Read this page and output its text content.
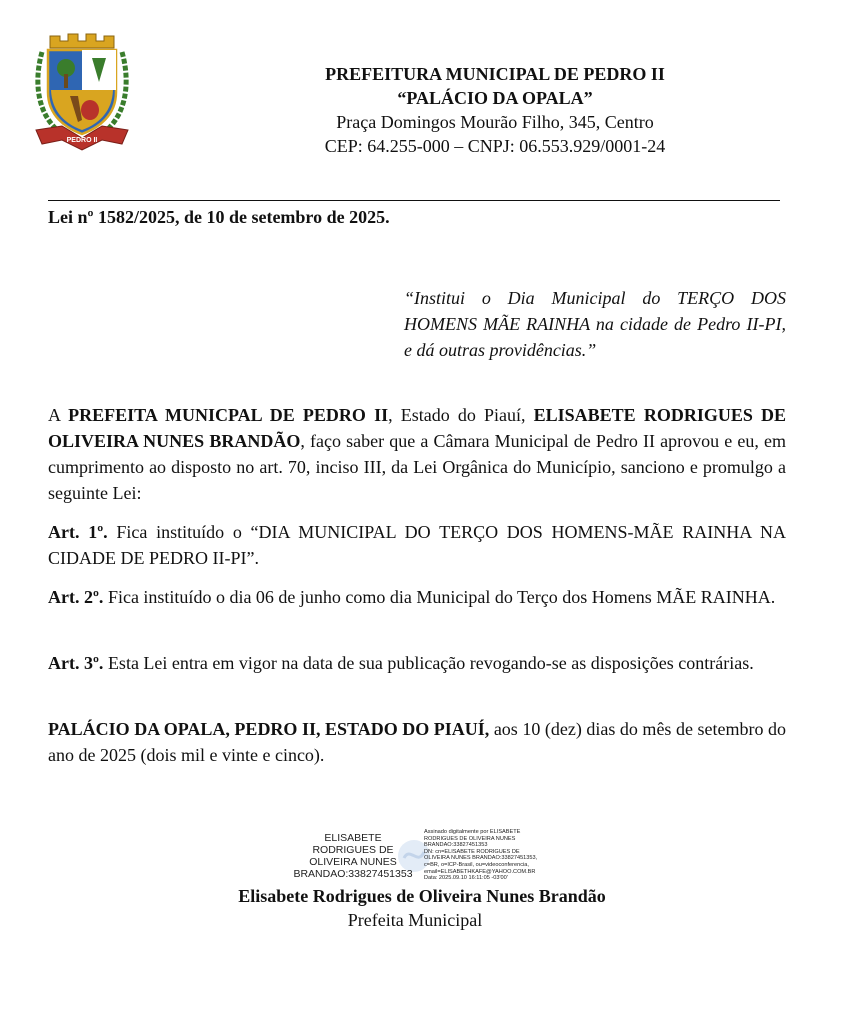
PEDRO II
PREFEITURA MUNICIPAL DE PEDRO II
“PALÁCIO DA OPALA”
Praça Domingos Mourão Filho, 345, Centro
CEP: 64.255-000 – CNPJ: 06.553.929/0001-24
Lei nº 1582/2025, de 10 de setembro de 2025.
“Institui o Dia Municipal do TERÇO DOS HOMENS MÃE RAINHA na cidade de Pedro II-PI, e dá outras providências.”
A PREFEITA MUNICPAL DE PEDRO II, Estado do Piauí, ELISABETE RODRIGUES DE OLIVEIRA NUNES BRANDÃO, faço saber que a Câmara Municipal de Pedro II aprovou e eu, em cumprimento ao disposto no art. 70, inciso III, da Lei Orgânica do Município, sanciono e promulgo a seguinte Lei:
Art. 1º. Fica instituído o “DIA MUNICIPAL DO TERÇO DOS HOMENS-MÃE RAINHA NA CIDADE DE PEDRO II-PI”.
Art. 2º. Fica instituído o dia 06 de junho como dia Municipal do Terço dos Homens MÃE RAINHA.
Art. 3º. Esta Lei entra em vigor na data de sua publicação revogando-se as disposições contrárias.
PALÁCIO DA OPALA, PEDRO II, ESTADO DO PIAUÍ, aos 10 (dez) dias do mês de setembro do ano de 2025 (dois mil e vinte e cinco).
ELISABETE
RODRIGUES DE
OLIVEIRA NUNES
BRANDAO:33827451353
Assinado digitalmente por ELISABETE
RODRIGUES DE OLIVEIRA NUNES
BRANDAO:33827451353
DN: cn=ELISABETE RODRIGUES DE
OLIVEIRA NUNES BRANDAO:33827451353,
c=BR, o=ICP-Brasil, ou=videoconferencia,
email=ELISABETHKAFE@YAHOO.COM.BR
Data: 2025.09.10 16:11:05 -03'00'
Elisabete Rodrigues de Oliveira Nunes Brandão
Prefeita Municipal
